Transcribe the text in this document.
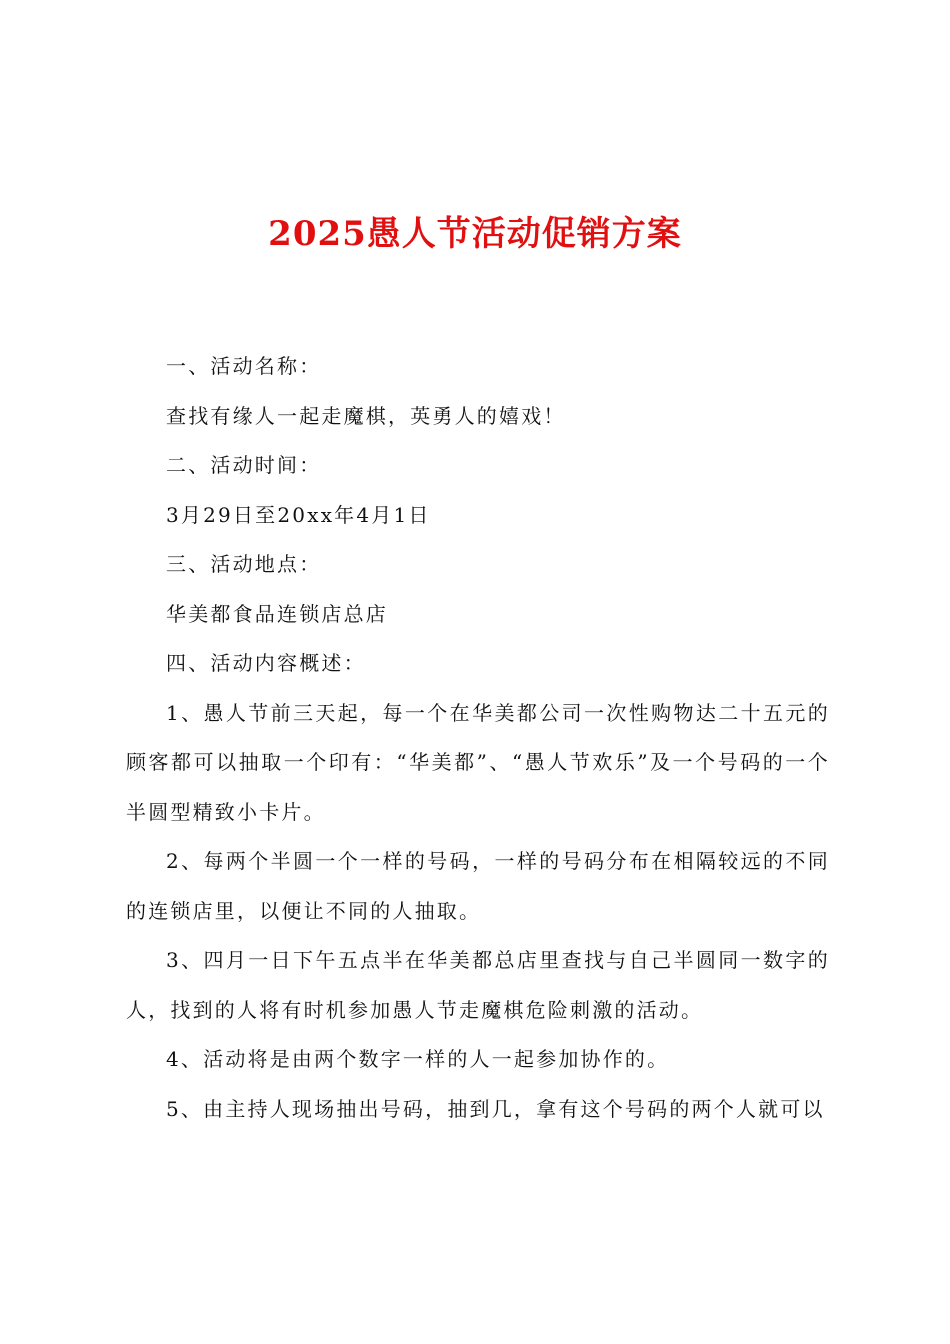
2025愚人节活动促销方案

一、活动名称：

查找有缘人一起走魔棋，英勇人的嬉戏！

二、活动时间：

3月29日至20xx年4月1日

三、活动地点：

华美都食品连锁店总店

四、活动内容概述：

1、愚人节前三天起，每一个在华美都公司一次性购物达二十五元的顾客都可以抽取一个印有：“华美都”、“愚人节欢乐”及一个号码的一个半圆型精致小卡片。

2、每两个半圆一个一样的号码，一样的号码分布在相隔较远的不同的连锁店里，以便让不同的人抽取。

3、四月一日下午五点半在华美都总店里查找与自己半圆同一数字的人，找到的人将有时机参加愚人节走魔棋危险刺激的活动。

4、活动将是由两个数字一样的人一起参加协作的。

5、由主持人现场抽出号码，抽到几，拿有这个号码的两个人就可以
